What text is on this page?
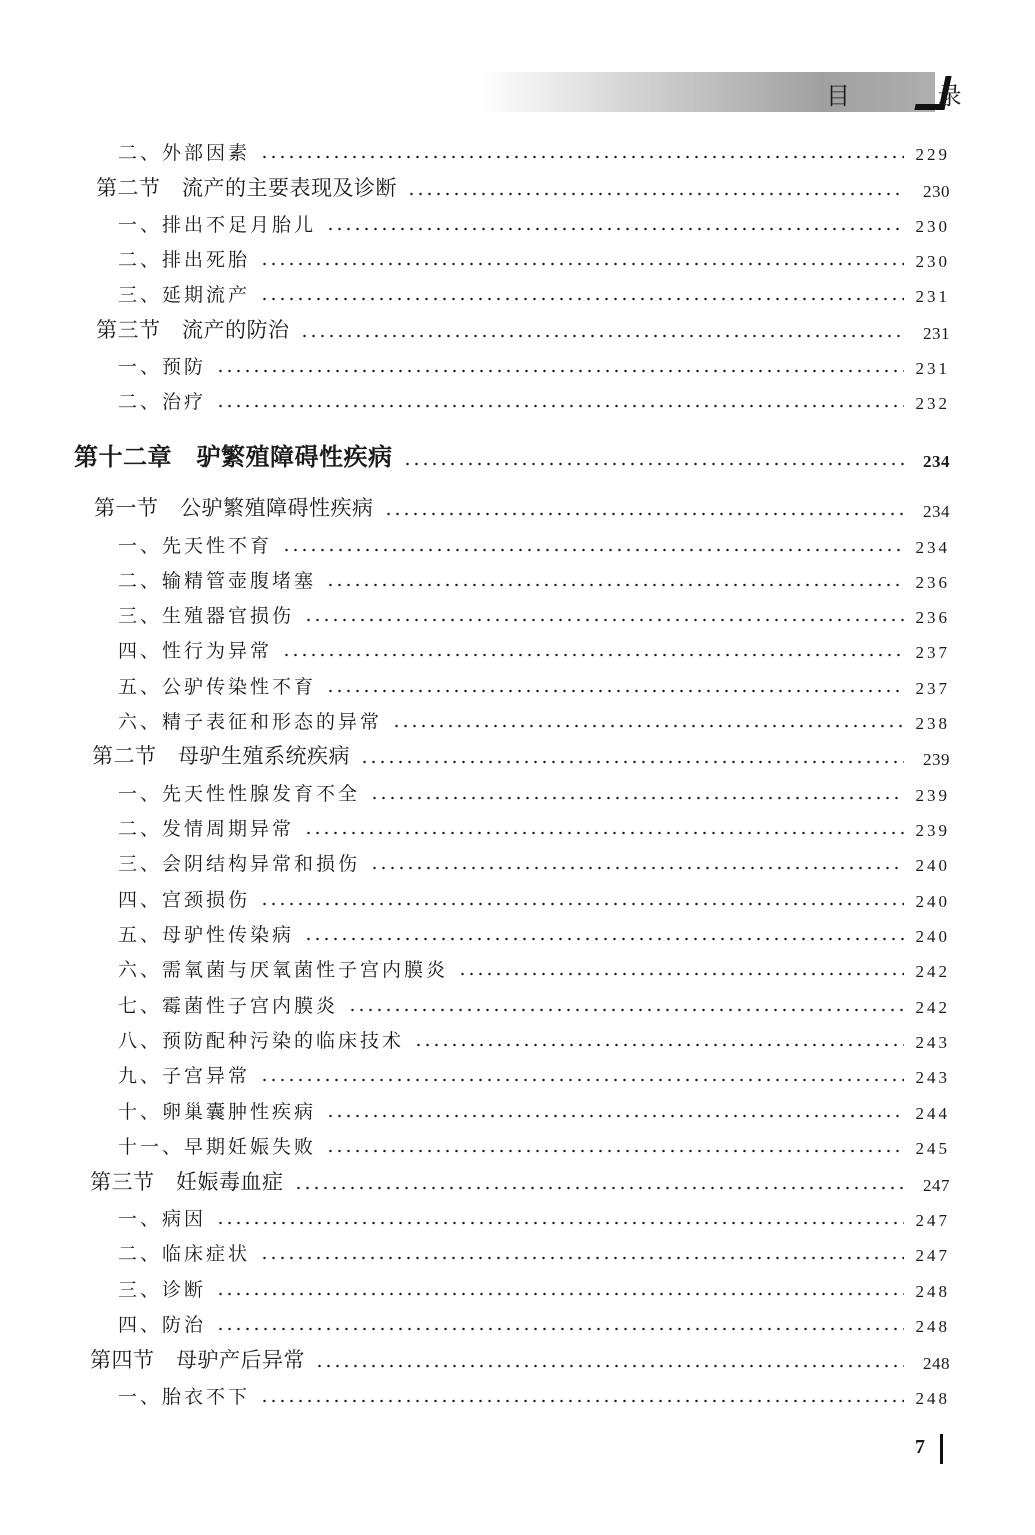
目 录
二、外部因素	229
第二节　流产的主要表现及诊断	230
一、排出不足月胎儿	230
二、排出死胎	230
三、延期流产	231
第三节　流产的防治	231
一、预防	231
二、治疗	232
第十二章　驴繁殖障碍性疾病	234
第一节　公驴繁殖障碍性疾病	234
一、先天性不育	234
二、输精管壶腹堵塞	236
三、生殖器官损伤	236
四、性行为异常	237
五、公驴传染性不育	237
六、精子表征和形态的异常	238
第二节　母驴生殖系统疾病	239
一、先天性性腺发育不全	239
二、发情周期异常	239
三、会阴结构异常和损伤	240
四、宫颈损伤	240
五、母驴性传染病	240
六、需氧菌与厌氧菌性子宫内膜炎	242
七、霉菌性子宫内膜炎	242
八、预防配种污染的临床技术	243
九、子宫异常	243
十、卵巢囊肿性疾病	244
十一、早期妊娠失败	245
第三节　妊娠毒血症	247
一、病因	247
二、临床症状	247
三、诊断	248
四、防治	248
第四节　母驴产后异常	248
一、胎衣不下	248
7
